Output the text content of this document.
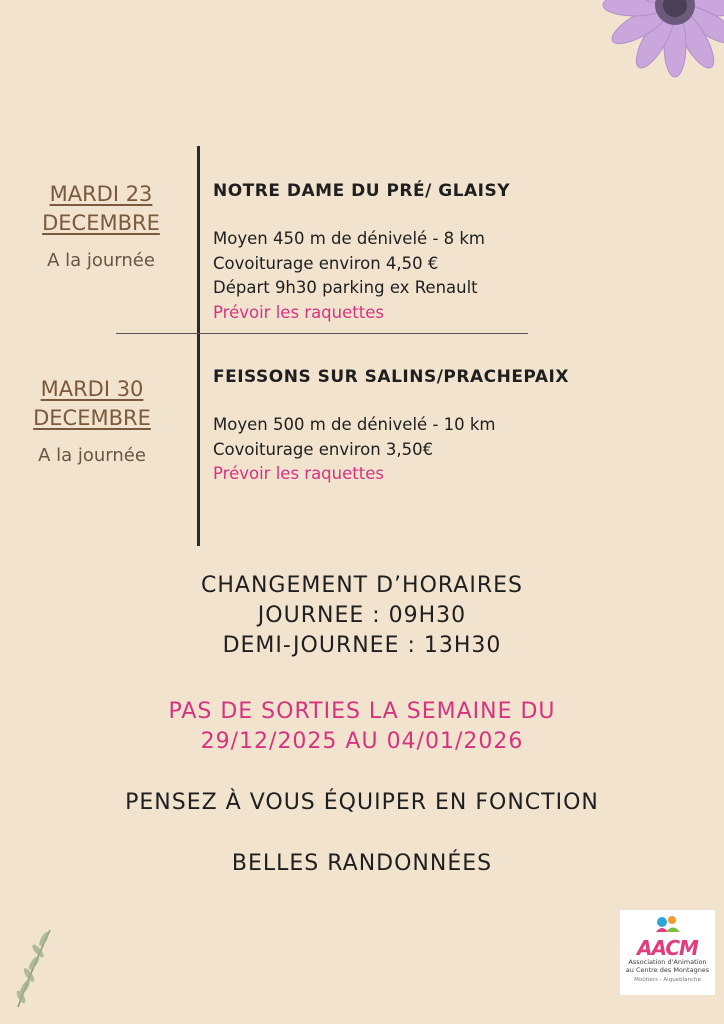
MARDI 23
DECEMBRE
A la journée
NOTRE DAME DU PRÉ/ GLAISY
Moyen 450 m de dénivelé - 8 km
Covoiturage environ 4,50 €
Départ 9h30 parking ex Renault
Prévoir les raquettes
MARDI 30
DECEMBRE
A la journée
FEISSONS SUR SALINS/PRACHEPAIX
Moyen 500 m de dénivelé - 10 km
Covoiturage environ 3,50€
Prévoir les raquettes
CHANGEMENT D’HORAIRES
JOURNEE : 09H30
DEMI-JOURNEE : 13H30
PAS DE SORTIES LA SEMAINE DU
29/12/2025 AU 04/01/2026
PENSEZ À VOUS ÉQUIPER EN FONCTION
BELLES RANDONNÉES
AACM
Association d'Animation
au Centre des Montagnes
Moûtiers - Aigueblanche
